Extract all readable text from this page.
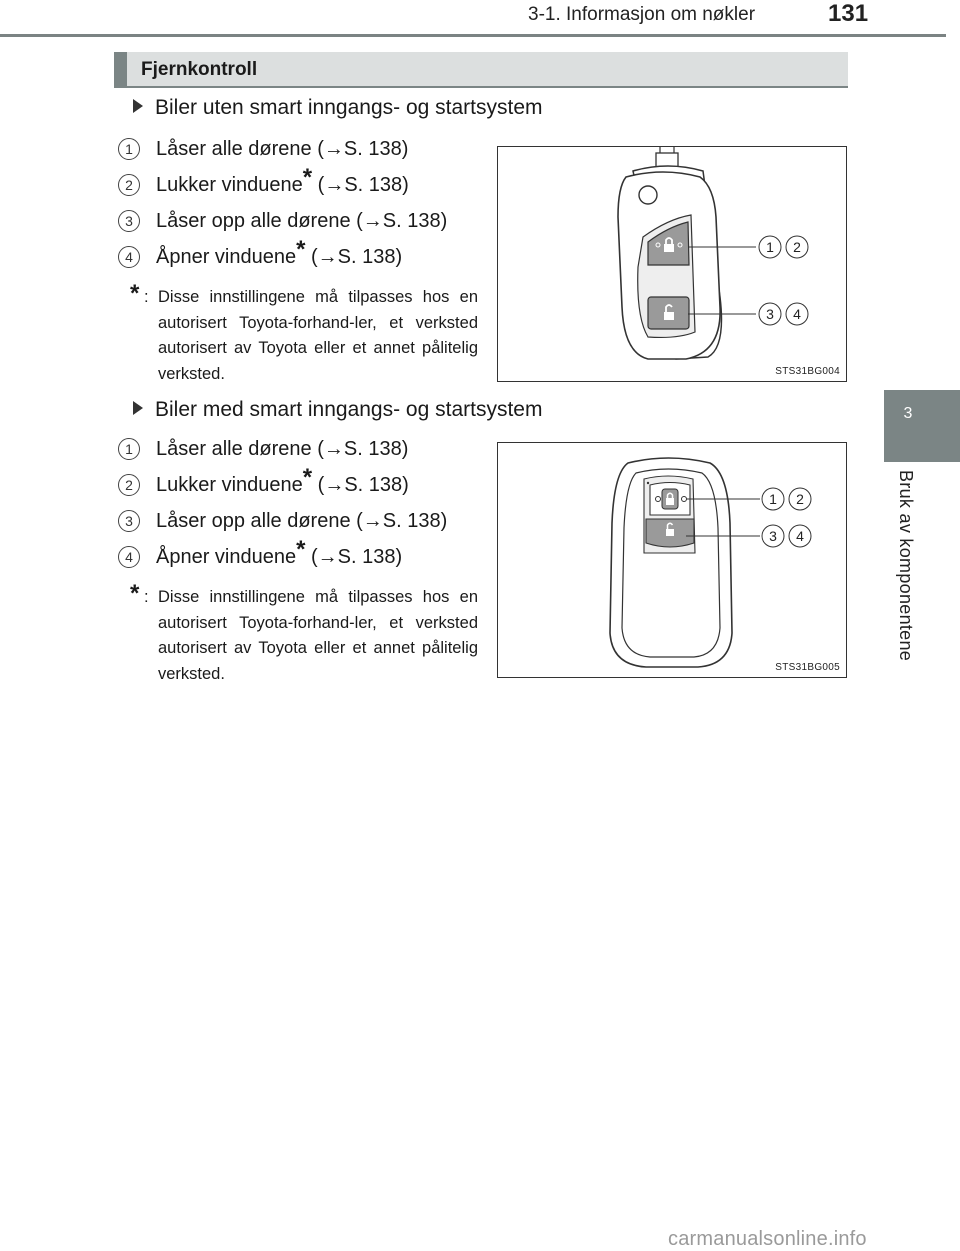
3-1. Informasjon om nøkler	131
3
Bruk av komponentene
Fjernkontroll
Biler uten smart inngangs- og startsystem
1	Låser alle dørene (→S. 138)
2	Lukker vinduene* (→S. 138)
3	Låser opp alle dørene (→S. 138)
4	Åpner vinduene* (→S. 138)
* : Disse innstillingene må tilpasses hos en autorisert Toyota-forhand-ler, et verksted autorisert av Toyota eller et annet pålitelig verksted.
1 2
3 4
STS31BG004
Biler med smart inngangs- og startsystem
1	Låser alle dørene (→S. 138)
2	Lukker vinduene* (→S. 138)
3	Låser opp alle dørene (→S. 138)
4	Åpner vinduene* (→S. 138)
* : Disse innstillingene må tilpasses hos en autorisert Toyota-forhand-ler, et verksted autorisert av Toyota eller et annet pålitelig verksted.
1 2
3 4
STS31BG005
carmanualsonline.info
